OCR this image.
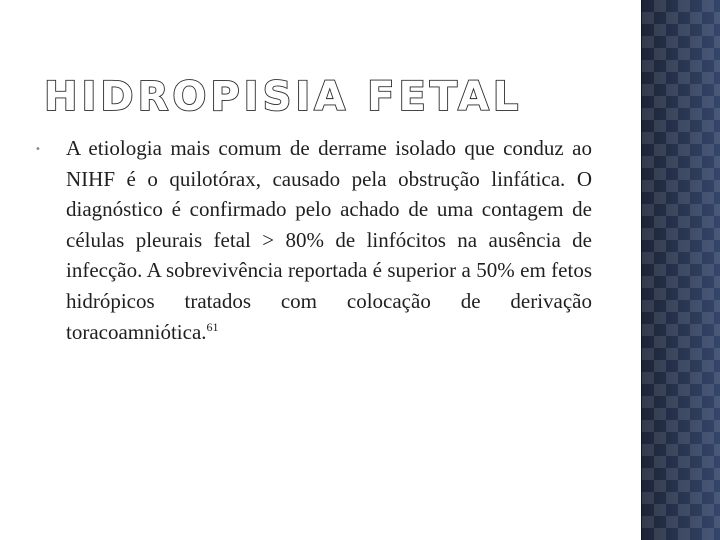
HIDROPISIA FETAL
• A etiologia mais comum de derrame isolado que conduz ao NIHF é o quilotórax, causado pela obstrução linfática. O diagnóstico é confirmado pelo achado de uma contagem de células pleurais fetal > 80% de linfócitos na ausência de infecção. A sobrevivência reportada é superior a 50% em fetos hidrópicos tratados com colocação de derivação toracoamniótica.$^{61}$
